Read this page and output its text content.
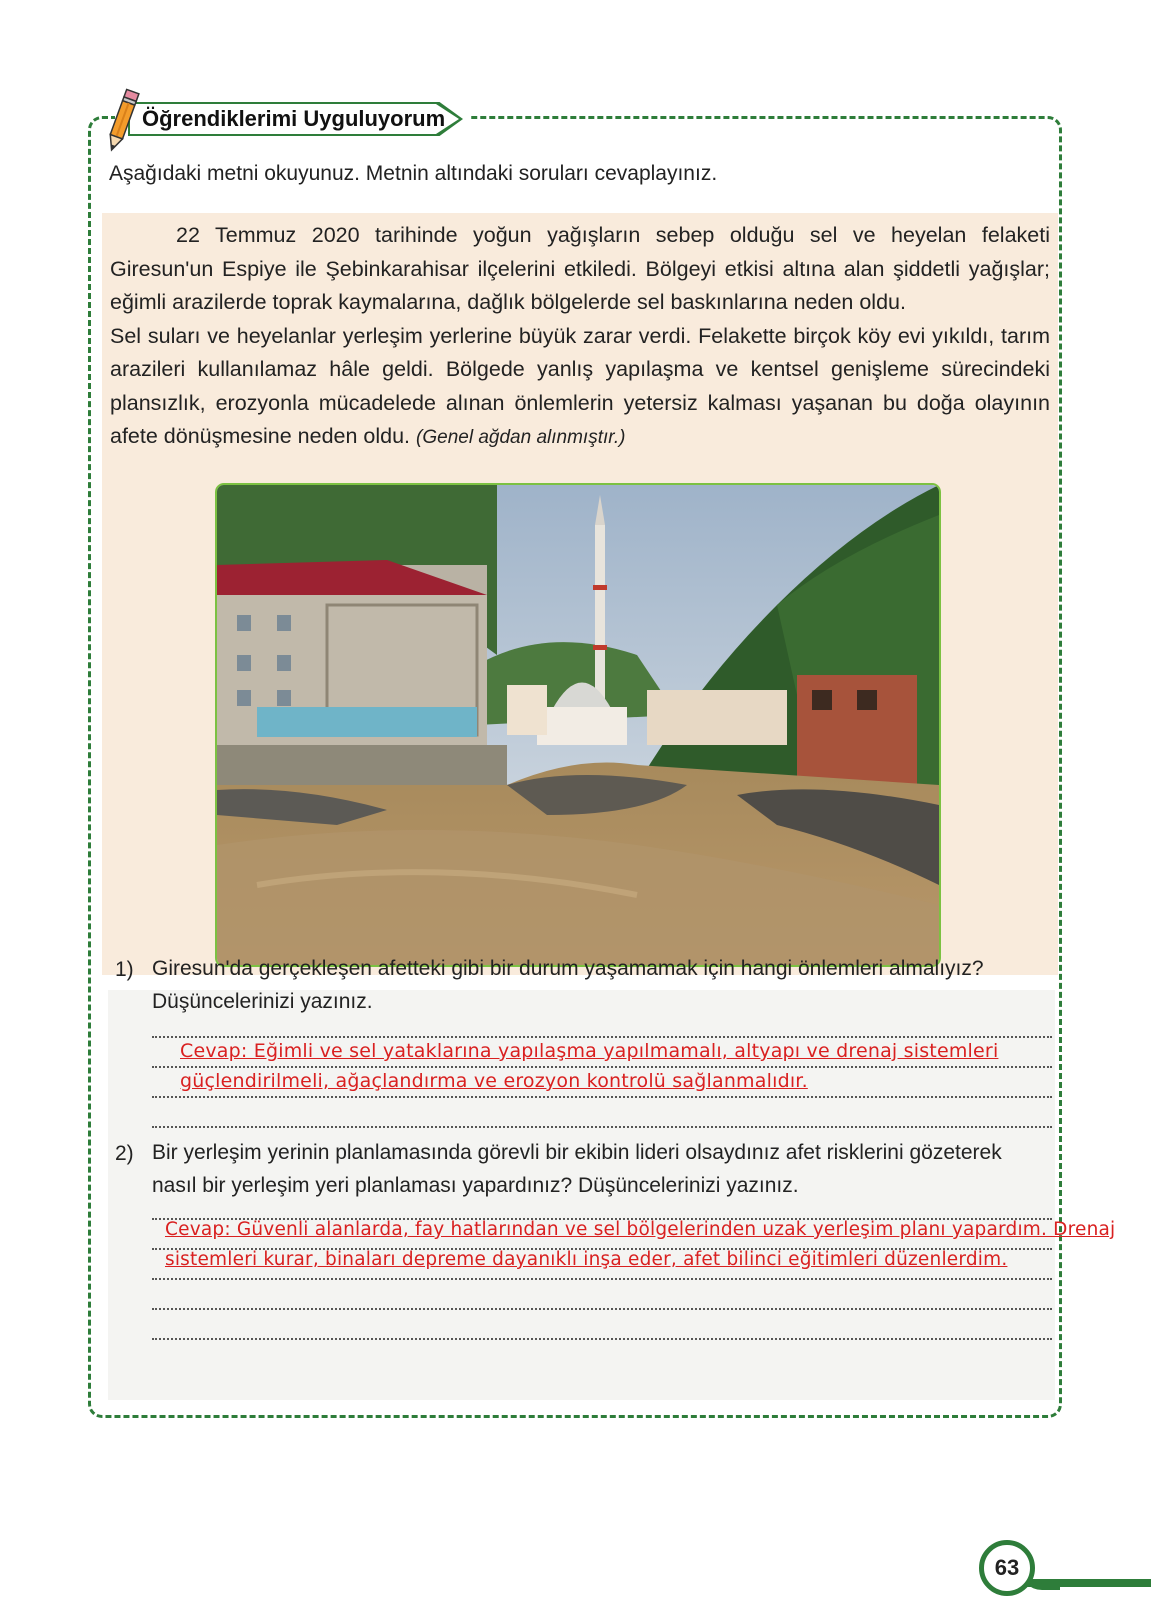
Öğrendiklerimi Uyguluyorum
Aşağıdaki metni okuyunuz. Metnin altındaki soruları cevaplayınız.

22 Temmuz 2020 tarihinde yoğun yağışların sebep olduğu sel ve heyelan felaketi Giresun'un Espiye ile Şebinkarahisar ilçelerini etkiledi. Bölgeyi etkisi altına alan şiddetli yağışlar; eğimli arazilerde toprak kaymalarına, dağlık bölgelerde sel baskınlarına neden oldu.
Sel suları ve heyelanlar yerleşim yerlerine büyük zarar verdi. Felakette birçok köy evi yıkıldı, tarım arazileri kullanılamaz hâle geldi. Bölgede yanlış yapılaşma ve kentsel genişleme sürecindeki plansızlık, erozyonla mücadelede alınan önlemlerin yetersiz kalması yaşanan bu doğa olayının afete dönüşmesine neden oldu. (Genel ağdan alınmıştır.)

1) Giresun'da gerçekleşen afetteki gibi bir durum yaşamamak için hangi önlemleri almalıyız? Düşüncelerinizi yazınız.
Cevap: Eğimli ve sel yataklarına yapılaşma yapılmamalı, altyapı ve drenaj sistemleri
güçlendirilmeli, ağaçlandırma ve erozyon kontrolü sağlanmalıdır.
2) Bir yerleşim yerinin planlamasında görevli bir ekibin lideri olsaydınız afet risklerini gözeterek nasıl bir yerleşim yeri planlaması yapardınız? Düşüncelerinizi yazınız.
Cevap: Güvenli alanlarda, fay hatlarından ve sel bölgelerinden uzak yerleşim planı yapardım. Drenaj
sistemleri kurar, binaları depreme dayanıklı inşa eder, afet bilinci eğitimleri düzenlerdim.
63
